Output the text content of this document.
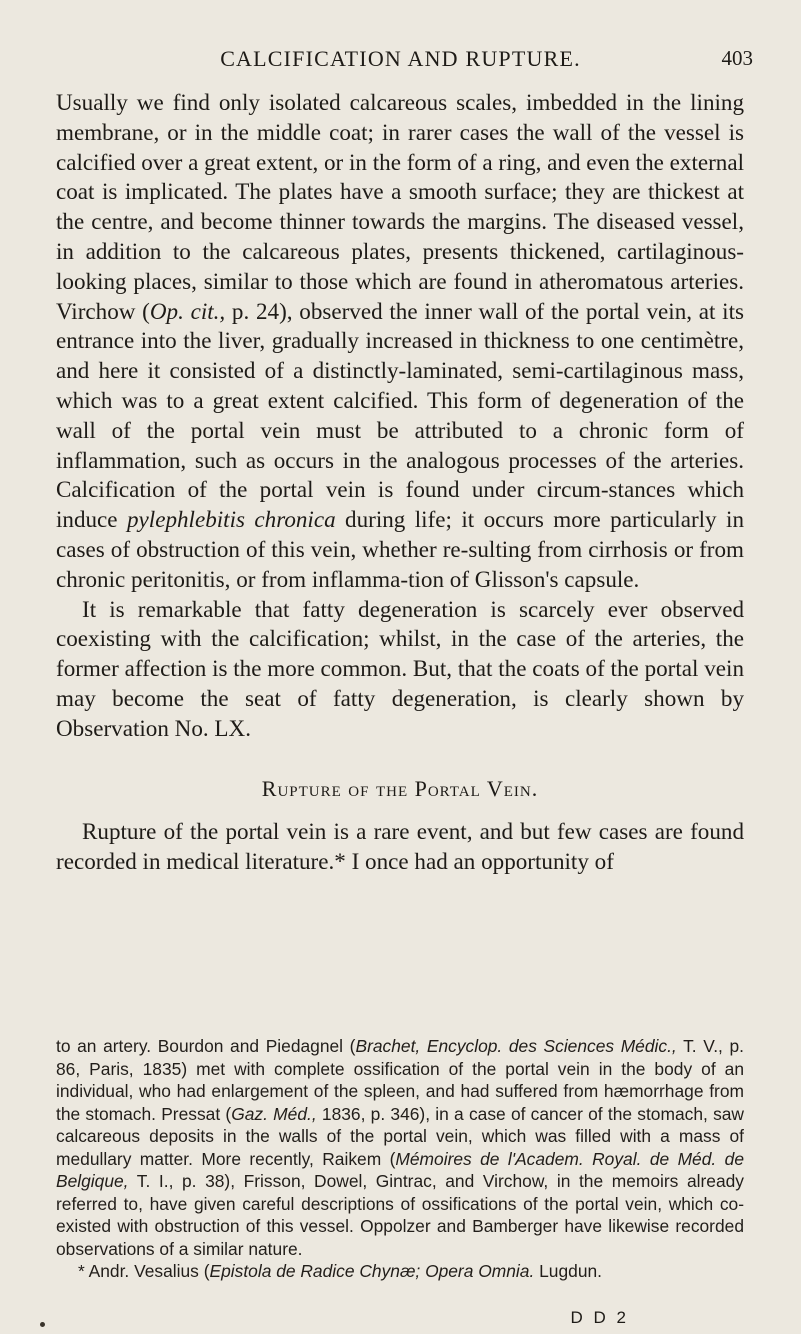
CALCIFICATION AND RUPTURE.	403

Usually we find only isolated calcareous scales, imbedded in the lining membrane, or in the middle coat; in rarer cases the wall of the vessel is calcified over a great extent, or in the form of a ring, and even the external coat is implicated. The plates have a smooth surface; they are thickest at the centre, and become thinner towards the margins. The diseased vessel, in addition to the calcareous plates, presents thickened, cartilaginous-looking places, similar to those which are found in atheromatous arteries. Virchow (Op. cit., p. 24), observed the inner wall of the portal vein, at its entrance into the liver, gradually increased in thickness to one centimètre, and here it consisted of a distinctly-laminated, semi-cartilaginous mass, which was to a great extent calcified. This form of degeneration of the wall of the portal vein must be attributed to a chronic form of inflammation, such as occurs in the analogous processes of the arteries. Calcification of the portal vein is found under circum-stances which induce pylephlebitis chronica during life; it occurs more particularly in cases of obstruction of this vein, whether re-sulting from cirrhosis or from chronic peritonitis, or from inflamma-tion of Glisson's capsule.

It is remarkable that fatty degeneration is scarcely ever observed coexisting with the calcification; whilst, in the case of the arteries, the former affection is the more common. But, that the coats of the portal vein may become the seat of fatty degeneration, is clearly shown by Observation No. LX.

Rupture of the Portal Vein.

Rupture of the portal vein is a rare event, and but few cases are found recorded in medical literature.* I once had an opportunity of

to an artery. Bourdon and Piedagnel (Brachet, Encyclop. des Sciences Médic., T. V., p. 86, Paris, 1835) met with complete ossification of the portal vein in the body of an individual, who had enlargement of the spleen, and had suffered from hæmorrhage from the stomach. Pressat (Gaz. Méd., 1836, p. 346), in a case of cancer of the stomach, saw calcareous deposits in the walls of the portal vein, which was filled with a mass of medullary matter. More recently, Raikem (Mémoires de l'Academ. Royal. de Méd. de Belgique, T. I., p. 38), Frisson, Dowel, Gintrac, and Virchow, in the memoirs already referred to, have given careful descriptions of ossifications of the portal vein, which co-existed with obstruction of this vessel. Oppolzer and Bamberger have likewise recorded observations of a similar nature.

* Andr. Vesalius (Epistola de Radice Chynæ; Opera Omnia. Lugdun.

D D 2
